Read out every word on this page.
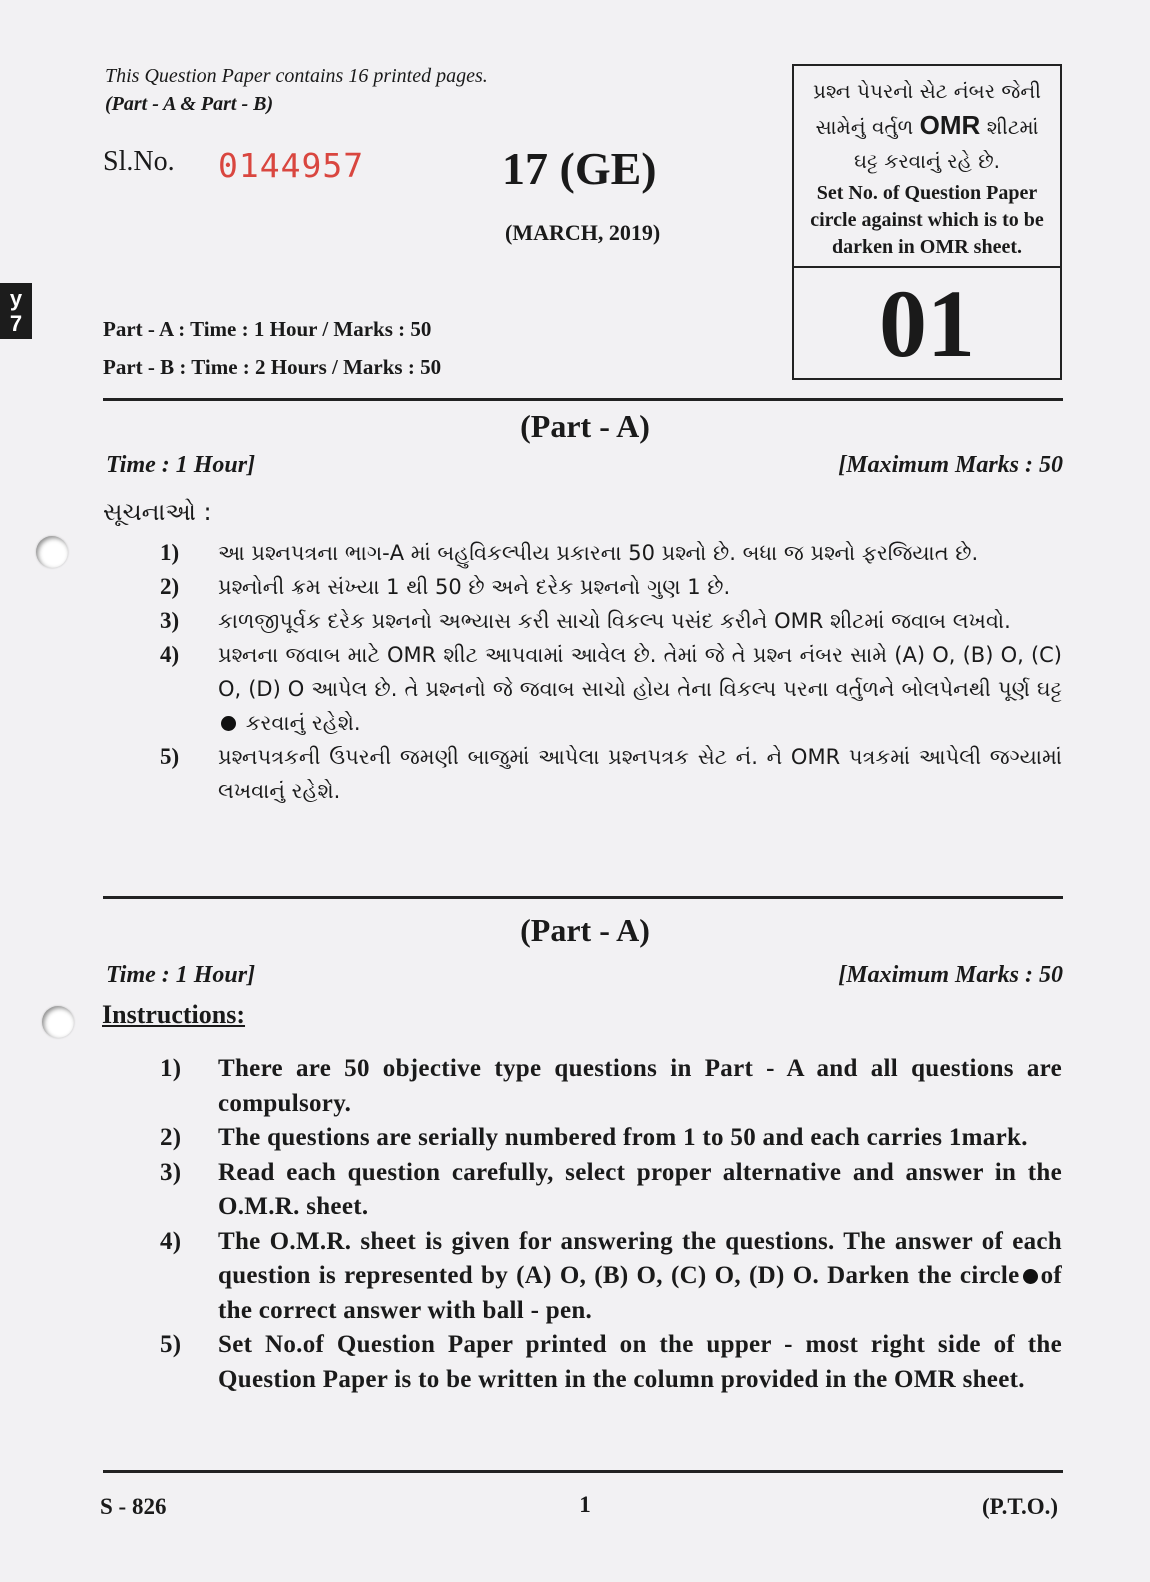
y
7
This Question Paper contains 16 printed pages.
(Part - A & Part - B)
Sl.No. 0144957	17 (GE)
(MARCH, 2019)
પ્રશ્ન પેપરનો સેટ નંબર જેની
સામેનું વર્તુળ OMR શીટમાં
ઘટ્ટ કરવાનું રહે છે.
Set No. of Question Paper
circle against which is to be
darken in OMR sheet.
01
Part - A : Time : 1 Hour / Marks : 50
Part - B : Time : 2 Hours / Marks : 50
(Part - A)
Time : 1 Hour]	[Maximum Marks : 50
સૂચનાઓ :
1)	આ પ્રશ્નપત્રના ભાગ-A માં બહુવિકલ્પીય પ્રકારના 50 પ્રશ્નો છે. બધા જ પ્રશ્નો ફરજિયાત છે.
2)	પ્રશ્નોની ક્રમ સંખ્યા 1 થી 50 છે અને દરેક પ્રશ્નનો ગુણ 1 છે.
3)	કાળજીપૂર્વક દરેક પ્રશ્નનો અભ્યાસ કરી સાચો વિકલ્પ પસંદ કરીને OMR શીટમાં જવાબ લખવો.
4)	પ્રશ્નના જવાબ માટે OMR શીટ આપવામાં આવેલ છે. તેમાં જે તે પ્રશ્ન નંબર સામે (A) O, (B) O, (C) O, (D) O આપેલ છે. તે પ્રશ્નનો જે જવાબ સાચો હોય તેના વિકલ્પ પરના વર્તુળને બોલપેનથી પૂર્ણ ઘટ્ટ  કરવાનું રહેશે.
5)	પ્રશ્નપત્રકની ઉપરની જમણી બાજુમાં આપેલા પ્રશ્નપત્રક સેટ નં. ને OMR પત્રકમાં આપેલી જગ્યામાં લખવાનું રહેશે.
(Part - A)
Time : 1 Hour]	[Maximum Marks : 50
Instructions:
1)	There are 50 objective type questions in Part - A and all questions are compulsory.
2)	The questions are serially numbered from 1 to 50 and each carries 1mark.
3)	Read each question carefully, select proper alternative and answer in the O.M.R. sheet.
4)	The O.M.R. sheet is given for answering the questions. The answer of each question is represented by (A) O, (B) O, (C) O, (D) O. Darken the circle of the correct answer with ball - pen.
5)	Set No.of Question Paper printed on the upper - most right side of the Question Paper is to be written in the column provided in the OMR sheet.
S - 826	1	(P.T.O.)
